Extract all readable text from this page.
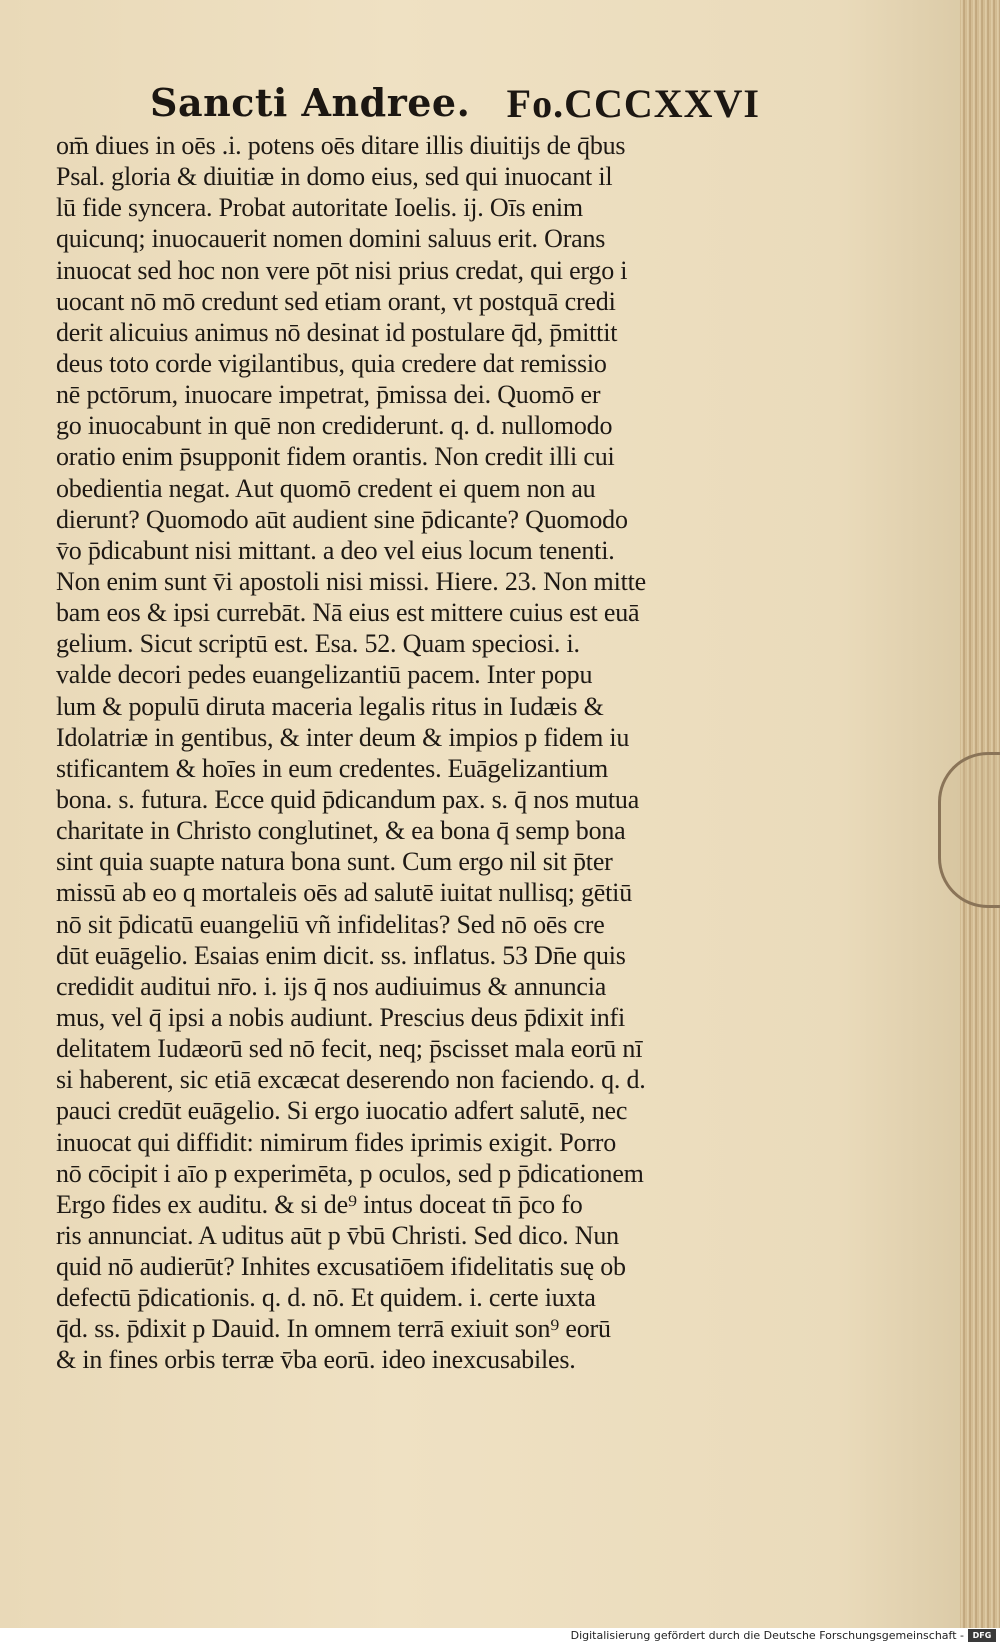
Sancti Andree. Fo.CCCXXVI
om̄ diues in oēs .i. potens oēs ditare illis diuitijs de q̄bus
Psal. gloria & diuitiæ in domo eius, sed qui inuocant il
lū fide syncera. Probat autoritate Ioelis. ij. Oīs enim
quicunq; inuocauerit nomen domini saluus erit. Orans
inuocat sed hoc non vere pōt nisi prius credat, qui ergo i
uocant nō mō credunt sed etiam orant, vt postquā credi
derit alicuius animus nō desinat id postulare q̄d, p̄mittit
deus toto corde vigilantibus, quia credere dat remissio
nē pctōrum, inuocare impetrat, p̄missa dei. Quomō er
go inuocabunt in quē non crediderunt. q. d. nullomodo
oratio enim p̄supponit fidem orantis. Non credit illi cui
obedientia negat. Aut quomō credent ei quem non au
dierunt? Quomodo aūt audient sine p̄dicante? Quomodo
v̄o p̄dicabunt nisi mittant. a deo vel eius locum tenenti.
Non enim sunt v̄i apostoli nisi missi. Hiere. 23. Non mitte
bam eos & ipsi currebāt. Nā eius est mittere cuius est euā
gelium. Sicut scriptū est. Esa. 52. Quam speciosi. i.
valde decori pedes euangelizantiū pacem. Inter popu
lum & populū diruta maceria legalis ritus in Iudæis &
Idolatriæ in gentibus, & inter deum & impios p fidem iu
stificantem & hoīes in eum credentes. Euāgelizantium
bona. s. futura. Ecce quid p̄dicandum pax. s. q̄ nos mutua
charitate in Christo conglutinet, & ea bona q̄ semp bona
sint quia suapte natura bona sunt. Cum ergo nil sit p̄ter
missū ab eo q mortaleis oēs ad salutē iuitat nullisq; gētiū
nō sit p̄dicatū euangeliū vñ infidelitas? Sed nō oēs cre
dūt euāgelio. Esaias enim dicit. ss. inflatus. 53 Dn̄e quis
credidit auditui nr̄o. i. ijs q̄ nos audiuimus & annuncia
mus, vel q̄ ipsi a nobis audiunt. Prescius deus p̄dixit infi
delitatem Iudæorū sed nō fecit, neq; p̄scisset mala eorū nī
si haberent, sic etiā excæcat deserendo non faciendo. q. d.
pauci credūt euāgelio. Si ergo iuocatio adfert salutē, nec
inuocat qui diffidit: nimirum fides iprimis exigit. Porro
nō cōcipit i aīo p experimēta, p oculos, sed p p̄dicationem
Ergo fides ex auditu. & si de⁹ intus doceat tn̄ p̄co fo
ris annunciat. A uditus aūt p v̄bū Christi. Sed dico. Nun
quid nō audierūt? Inhites excusatiōem ifidelitatis suę ob
defectū p̄dicationis. q. d. nō. Et quidem. i. certe iuxta
q̄d. ss. p̄dixit p Dauid. In omnem terrā exiuit son⁹ eorū
& in fines orbis terræ v̄ba eorū. ideo inexcusabiles.
Digitalisierung gefördert durch die Deutsche Forschungsgemeinschaft -	DFG
